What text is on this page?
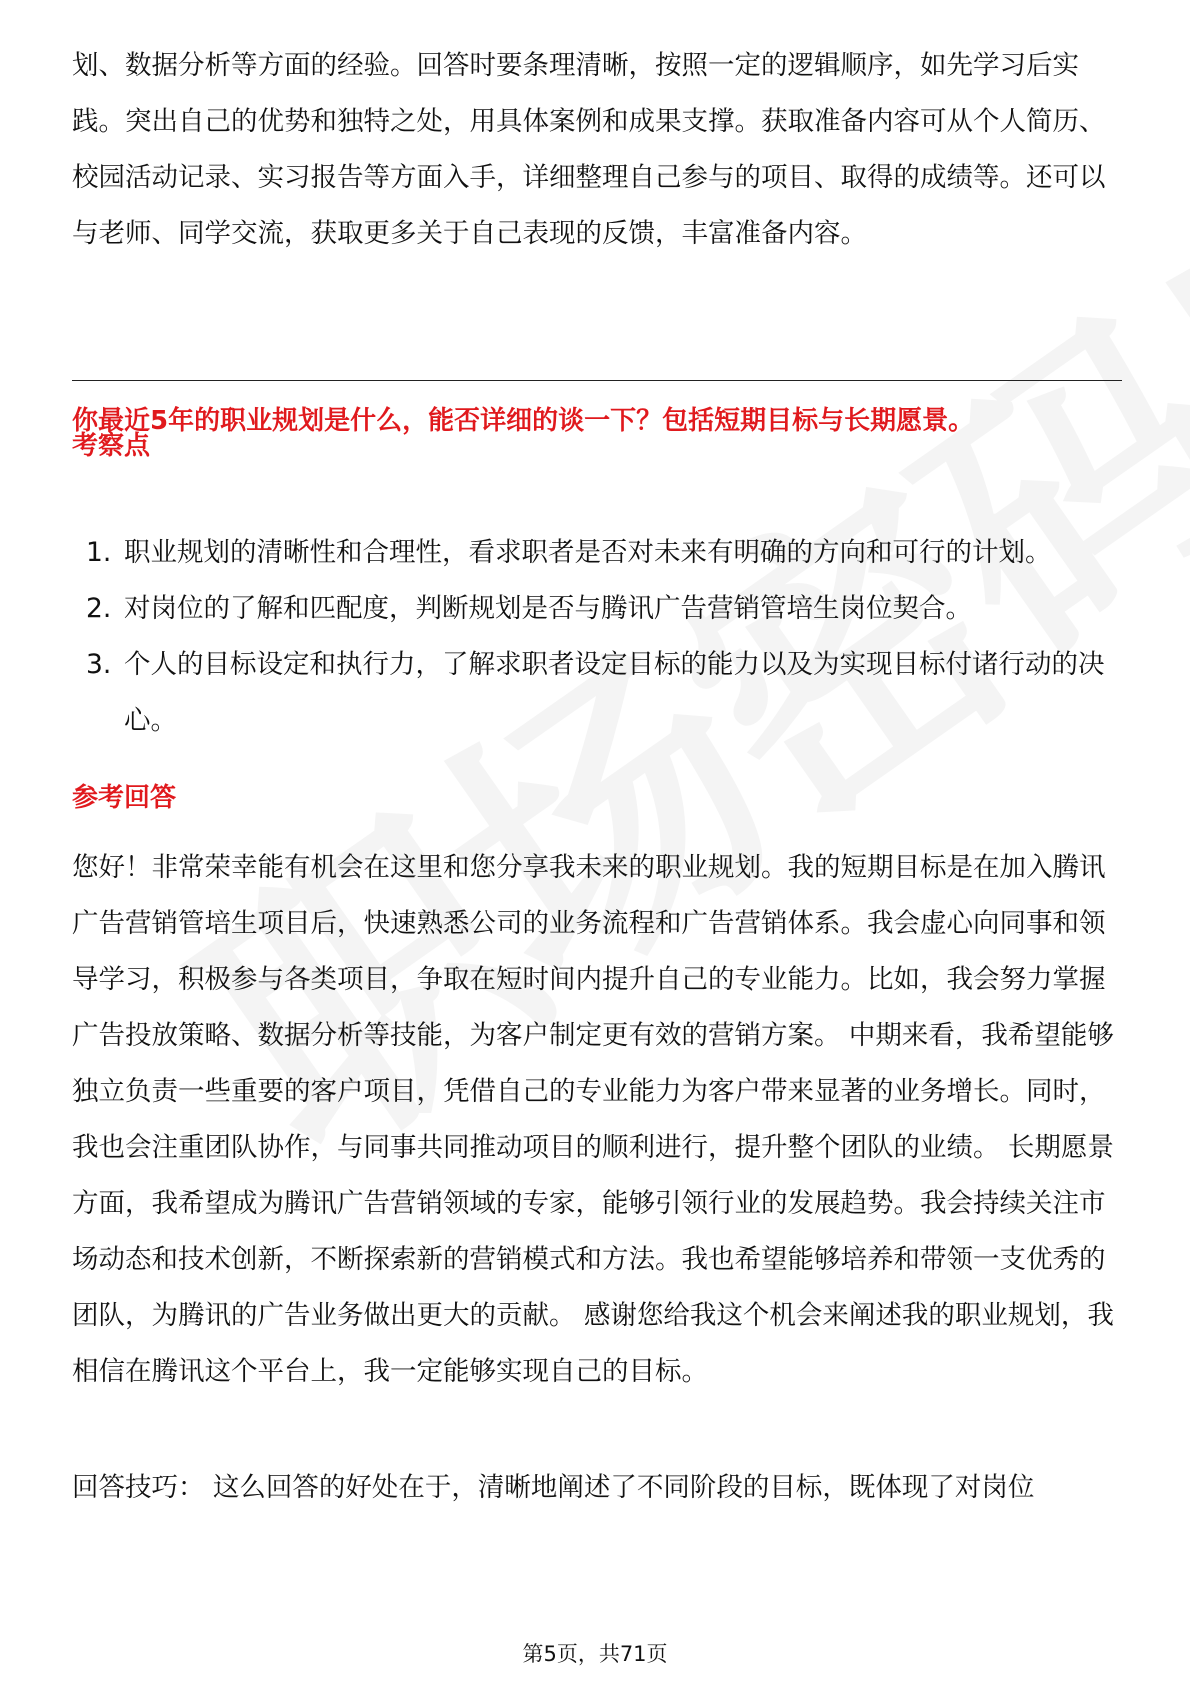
划、数据分析等方面的经验。回答时要条理清晰，按照一定的逻辑顺序，如先学习后实践。突出自己的优势和独特之处，用具体案例和成果支撑。获取准备内容可从个人简历、校园活动记录、实习报告等方面入手，详细整理自己参与的项目、取得的成绩等。还可以与老师、同学交流，获取更多关于自己表现的反馈，丰富准备内容。

你最近5年的职业规划是什么，能否详细的谈一下？包括短期目标与长期愿景。

考察点

1. 职业规划的清晰性和合理性，看求职者是否对未来有明确的方向和可行的计划。
2. 对岗位的了解和匹配度，判断规划是否与腾讯广告营销管培生岗位契合。
3. 个人的目标设定和执行力，了解求职者设定目标的能力以及为实现目标付诸行动的决心。

参考回答

您好！非常荣幸能有机会在这里和您分享我未来的职业规划。我的短期目标是在加入腾讯广告营销管培生项目后，快速熟悉公司的业务流程和广告营销体系。我会虚心向同事和领导学习，积极参与各类项目，争取在短时间内提升自己的专业能力。比如，我会努力掌握广告投放策略、数据分析等技能，为客户制定更有效的营销方案。 中期来看，我希望能够独立负责一些重要的客户项目，凭借自己的专业能力为客户带来显著的业务增长。同时，我也会注重团队协作，与同事共同推动项目的顺利进行，提升整个团队的业绩。 长期愿景方面，我希望成为腾讯广告营销领域的专家，能够引领行业的发展趋势。我会持续关注市场动态和技术创新，不断探索新的营销模式和方法。我也希望能够培养和带领一支优秀的团队，为腾讯的广告业务做出更大的贡献。 感谢您给我这个机会来阐述我的职业规划，我相信在腾讯这个平台上，我一定能够实现自己的目标。

回答技巧： 这么回答的好处在于，清晰地阐述了不同阶段的目标，既体现了对岗位

第5页，共71页
